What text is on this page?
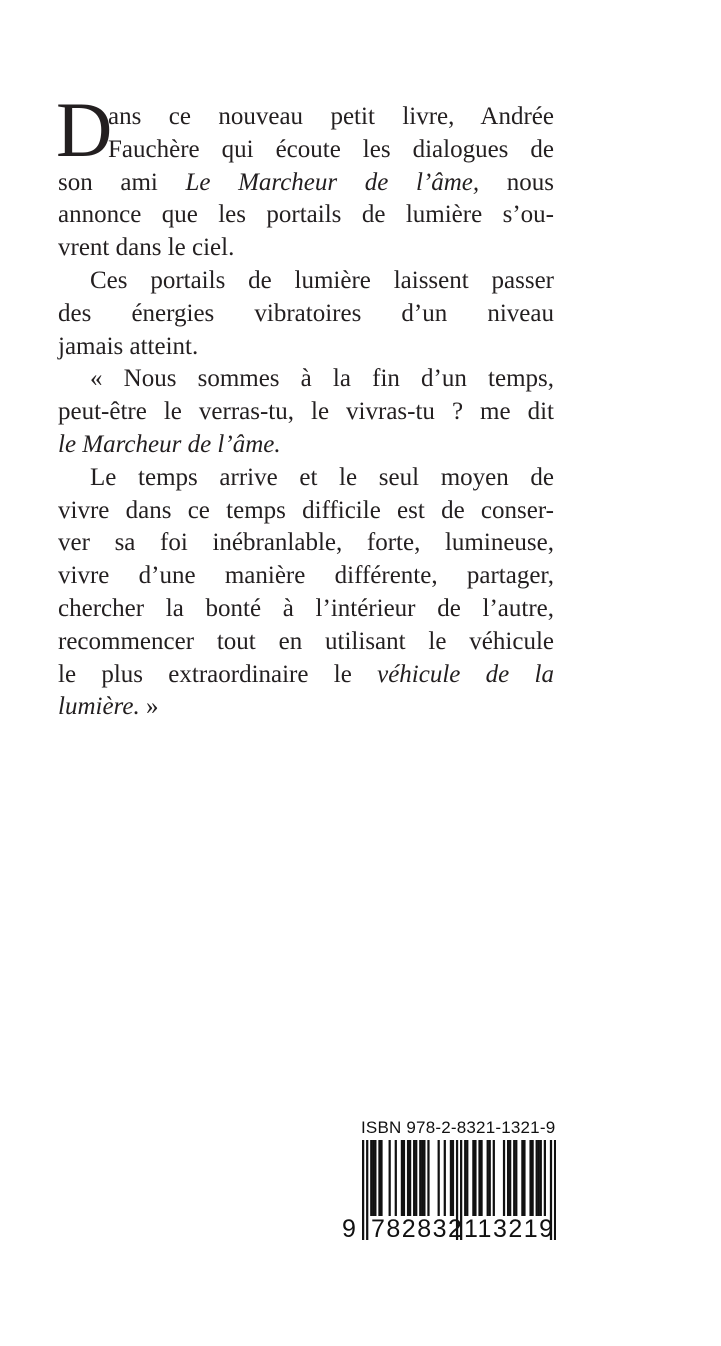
D
ans ce nouveau petit livre, Andrée
Fauchère qui écoute les dialogues de
son ami Le Marcheur de l’âme, nous
annonce que les portails de lumière s’ou-
vrent dans le ciel.
Ces portails de lumière laissent passer
des énergies vibratoires d’un niveau
jamais atteint.
« Nous sommes à la fin d’un temps,
peut-être le verras-tu, le vivras-tu ? me dit
le Marcheur de l’âme.
Le temps arrive et le seul moyen de
vivre dans ce temps difficile est de conser-
ver sa foi inébranlable, forte, lumineuse,
vivre d’une manière différente, partager,
chercher la bonté à l’intérieur de l’autre,
recommencer tout en utilisant le véhicule
le plus extraordinaire le véhicule de la
lumière. »
ISBN 978-2-8321-1321-9
9 782832 113219
